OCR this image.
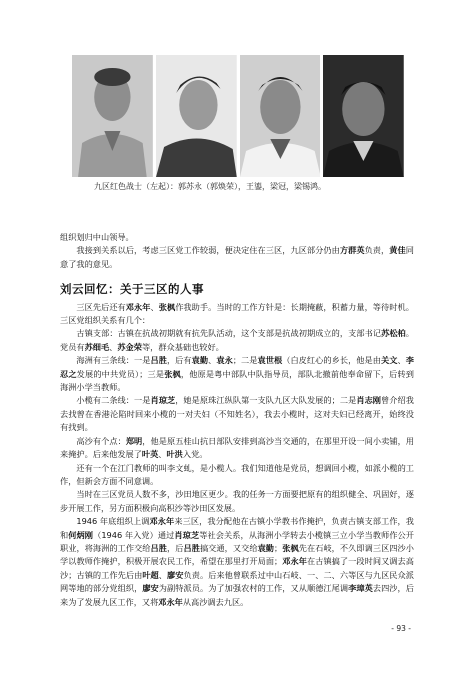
九区红色战士（左起）：郭苏永（郭焕荣），王鎏，梁冠，梁锡鸿。

组织划归中山领导。

我接到关系以后，考虑三区党工作较弱，便决定住在三区，九区部分仍由方群英负责，黄佳同意了我的意见。

刘云回忆：关于三区的人事

三区先后还有邓永年、张枫作我助手。当时的工作方针是：长期掩蔽，积蓄力量，等待时机。三区党组织关系有几个：

古镇支部：古镇在抗战初期就有抗先队活动，这个支部是抗战初期成立的，支部书记苏松柏。党员有苏细毛、苏金荣等，群众基础也较好。

海洲有三条线：一是吕胜，后有袁勤、袁永；二是袁世根（白皮红心的乡长，他是由关文、李忍之发展的中共党员）；三是张枫，他原是粤中部队中队指导员，部队北撤前他奉命留下，后转到海洲小学当教师。

小榄有二条线：一是肖琼芝，她是原珠江纵队第一支队九区大队发展的；二是肖志刚曾介绍我去找曾在香港沦陷时回来小榄的一对夫妇（不知姓名），我去小榄时，这对夫妇已经离开，始终没有找到。

高沙有个点：郑明，他是原五桂山抗日部队安排到高沙当交通的，在那里开设一间小卖铺，用来掩护。后来他发展了叶英、叶洪入党。

还有一个在江门教师的叫李文虬，是小榄人。我们知道他是党员，想调回小榄，如派小榄的工作，但新会方面不同意调。

当时在三区党员人数不多，沙田地区更少。我的任务一方面要把原有的组织健全、巩固好，逐步开展工作，另方面积极向高积沙等沙田区发展。

1946 年底组织上调邓永年来三区，我分配他在古镇小学教书作掩护，负责古镇支部工作，我和何炳刚（1946 年入党）通过肖琼芝等社会关系，从海洲小学转去小榄镇三立小学当教师作公开职业，将海洲的工作交给吕胜，后吕胜搞交通，又交给袁勤；张枫先在石岐，不久即调三区四沙小学以教师作掩护，积极开展农民工作，希望在那里打开局面；邓永年在古镇搞了一段时间又调去高沙；古镇的工作先后由叶超、廖安负责。后来他曾联系过中山石岐、一、二、六等区与九区民众派网等地的部分党组织，廖安为副特派员。为了加强农村的工作，又从顺德江尾调李璋英去四沙，后来为了发展九区工作，又将邓永年从高沙调去九区。

- 93 -
